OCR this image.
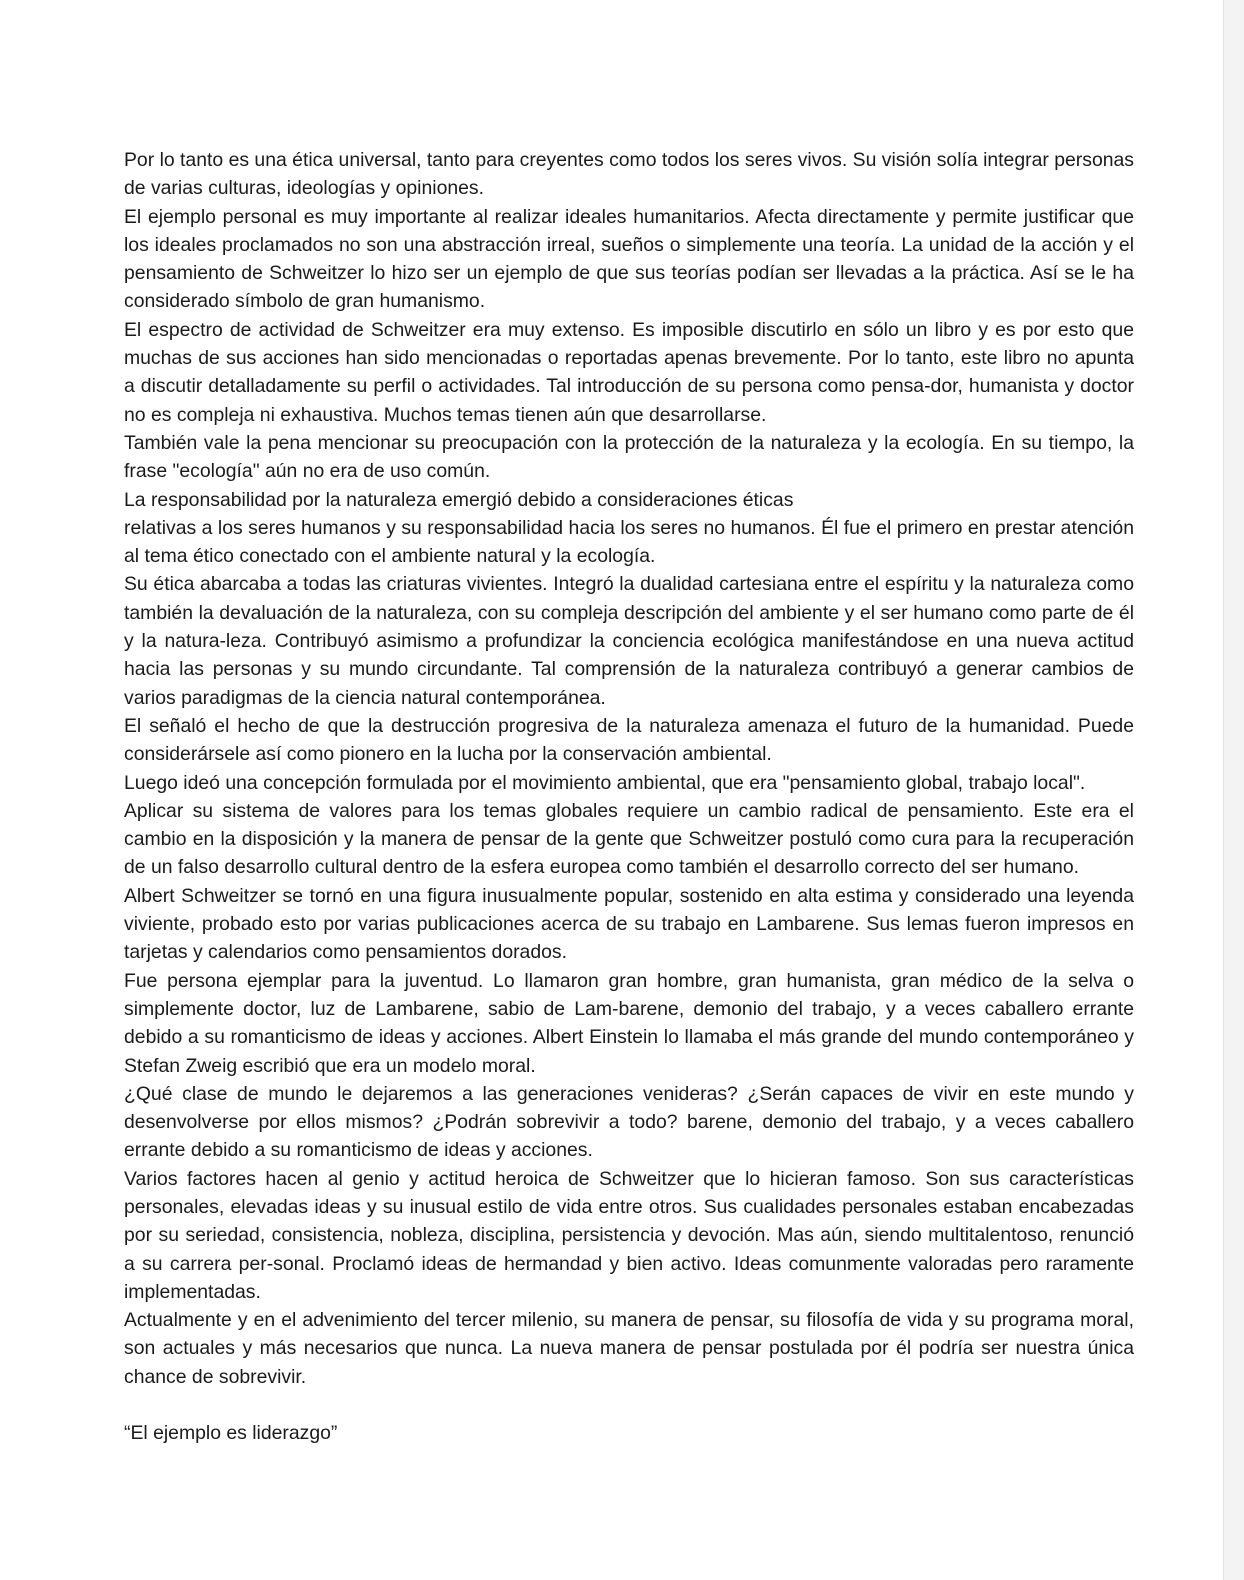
Por lo tanto es una ética universal, tanto para creyentes como todos los seres vivos. Su visión solía integrar personas de varias culturas, ideologías y opiniones.

El ejemplo personal es muy importante al realizar ideales humanitarios. Afecta directamente y permite justificar que los ideales proclamados no son una abstracción irreal, sueños o simplemente una teoría. La unidad de la acción y el pensamiento de Schweitzer lo hizo ser un ejemplo de que sus teorías podían ser llevadas a la práctica. Así se le ha considerado símbolo de gran humanismo.

El espectro de actividad de Schweitzer era muy extenso. Es imposible discutirlo en sólo un libro y es por esto que muchas de sus acciones han sido mencionadas o reportadas apenas brevemente. Por lo tanto, este libro no apunta a discutir detalladamente su perfil o actividades. Tal introducción de su persona como pensa-dor, humanista y doctor no es compleja ni exhaustiva. Muchos temas tienen aún que desarrollarse.

También vale la pena mencionar su preocupación con la protección de la naturaleza y la ecología. En su tiempo, la frase "ecología" aún no era de uso común.

La responsabilidad por la naturaleza emergió debido a consideraciones éticas

relativas a los seres humanos y su responsabilidad hacia los seres no humanos. Él fue el primero en prestar atención al tema ético conectado con el ambiente natural y la ecología.

Su ética abarcaba a todas las criaturas vivientes. Integró la dualidad cartesiana entre el espíritu y la naturaleza como también la devaluación de la naturaleza, con su compleja descripción del ambiente y el ser humano como parte de él y la natura-leza. Contribuyó asimismo a profundizar la conciencia ecológica manifestándose en una nueva actitud hacia las personas y su mundo circundante. Tal comprensión de la naturaleza contribuyó a generar cambios de varios paradigmas de la ciencia natural contemporánea.

El señaló el hecho de que la destrucción progresiva de la naturaleza amenaza el futuro de la humanidad. Puede considerársele así como pionero en la lucha por la conservación ambiental.

Luego ideó una concepción formulada por el movimiento ambiental, que era "pensamiento global, trabajo local".

Aplicar su sistema de valores para los temas globales requiere un cambio radical de pensamiento. Este era el cambio en la disposición y la manera de pensar de la gente que Schweitzer postuló como cura para la recuperación de un falso desarrollo cultural dentro de la esfera europea como también el desarrollo correcto del ser humano.

Albert Schweitzer se tornó en una figura inusualmente popular, sostenido en alta estima y considerado una leyenda viviente, probado esto por varias publicaciones acerca de su trabajo en Lambarene. Sus lemas fueron impresos en tarjetas y calendarios como pensamientos dorados.

Fue persona ejemplar para la juventud. Lo llamaron gran hombre, gran humanista, gran médico de la selva o simplemente doctor, luz de Lambarene, sabio de Lam-barene, demonio del trabajo, y a veces caballero errante debido a su romanticismo de ideas y acciones. Albert Einstein lo llamaba el más grande del mundo contemporáneo y Stefan Zweig escribió que era un modelo moral.

¿Qué clase de mundo le dejaremos a las generaciones venideras? ¿Serán capaces de vivir en este mundo y desenvolverse por ellos mismos? ¿Podrán sobrevivir a todo? barene, demonio del trabajo, y a veces caballero errante debido a su romanticismo de ideas y acciones.

Varios factores hacen al genio y actitud heroica de Schweitzer que lo hicieran famoso. Son sus características personales, elevadas ideas y su inusual estilo de vida entre otros. Sus cualidades personales estaban encabezadas por su seriedad, consistencia, nobleza, disciplina, persistencia y devoción. Mas aún, siendo multitalentoso, renunció a su carrera per-sonal. Proclamó ideas de hermandad y bien activo. Ideas comunmente valoradas pero raramente implementadas.

Actualmente y en el advenimiento del tercer milenio, su manera de pensar, su filosofía de vida y su programa moral, son actuales y más necesarios que nunca. La nueva manera de pensar postulada por él podría ser nuestra única chance de sobrevivir.

“El ejemplo es liderazgo”
